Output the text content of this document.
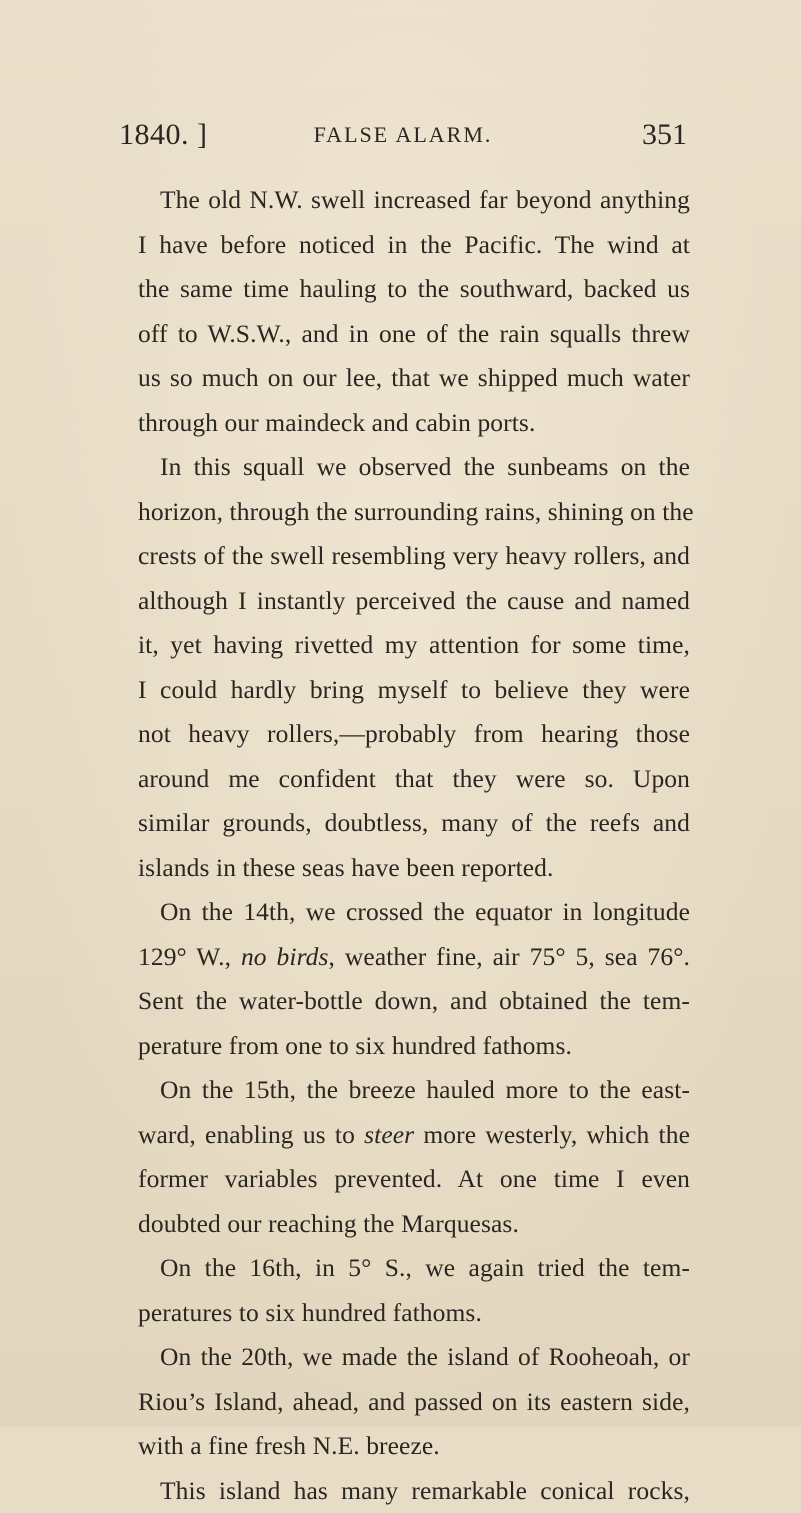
1840. ]	FALSE ALARM.	351
The old N.W. swell increased far beyond anything
I have before noticed in the Pacific. The wind at
the same time hauling to the southward, backed us
off to W.S.W., and in one of the rain squalls threw
us so much on our lee, that we shipped much water
through our maindeck and cabin ports.
In this squall we observed the sunbeams on the
horizon, through the surrounding rains, shining on the
crests of the swell resembling very heavy rollers, and
although I instantly perceived the cause and named
it, yet having rivetted my attention for some time,
I could hardly bring myself to believe they were
not heavy rollers,—probably from hearing those
around me confident that they were so. Upon
similar grounds, doubtless, many of the reefs and
islands in these seas have been reported.
On the 14th, we crossed the equator in longitude
129° W., no birds, weather fine, air 75° 5, sea 76°.
Sent the water-bottle down, and obtained the tem-
perature from one to six hundred fathoms.
On the 15th, the breeze hauled more to the east-
ward, enabling us to steer more westerly, which the
former variables prevented. At one time I even
doubted our reaching the Marquesas.
On the 16th, in 5° S., we again tried the tem-
peratures to six hundred fathoms.
On the 20th, we made the island of Rooheoah, or
Riou’s Island, ahead, and passed on its eastern side,
with a fine fresh N.E. breeze.
This island has many remarkable conical rocks,
